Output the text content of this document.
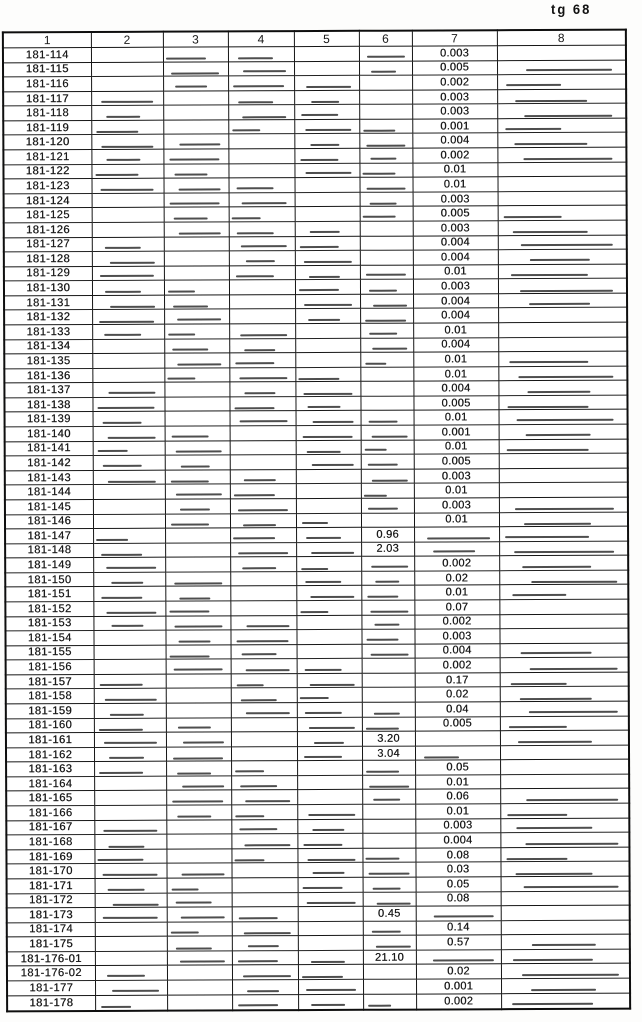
tg 68
1	2	3	4	5	6	7	8
181-114						0.003	
181-115						0.005	

181-116						0.002	

181-117						0.003	

181-118						0.003	

181-119						0.001	

181-120						0.004	

181-121						0.002	

181-122						0.01	
181-123						0.01	
181-124						0.003	
181-125						0.005	

181-126						0.003	

181-127						0.004	

181-128						0.004	

181-129						0.01	

181-130						0.003	

181-131						0.004	

181-132						0.004	
181-133						0.01	
181-134						0.004	
181-135						0.01	

181-136						0.01	

181-137						0.004	

181-138						0.005	

181-139						0.01	

181-140						0.001	

181-141						0.01	

181-142						0.005	
181-143						0.003	
181-144						0.01	
181-145						0.003	

181-146						0.01	

181-147					0.96	

181-148					2.03	

181-149						0.002	

181-150						0.02	

181-151						0.01	

181-152						0.07	
181-153						0.002	
181-154						0.003	
181-155						0.004	

181-156						0.002	

181-157						0.17	

181-158						0.02	

181-159						0.04	

181-160						0.005	

181-161					3.20		

181-162					3.04	

181-163						0.05	
181-164						0.01	
181-165						0.06	

181-166						0.01	

181-167						0.003	

181-168						0.004	

181-169						0.08	

181-170						0.03	

181-171						0.05	

181-172						0.08	
181-173					0.45	

181-174						0.14	
181-175						0.57	

181-176-01					21.10	

181-176-02						0.02	

181-177						0.001	

181-178						0.002	
